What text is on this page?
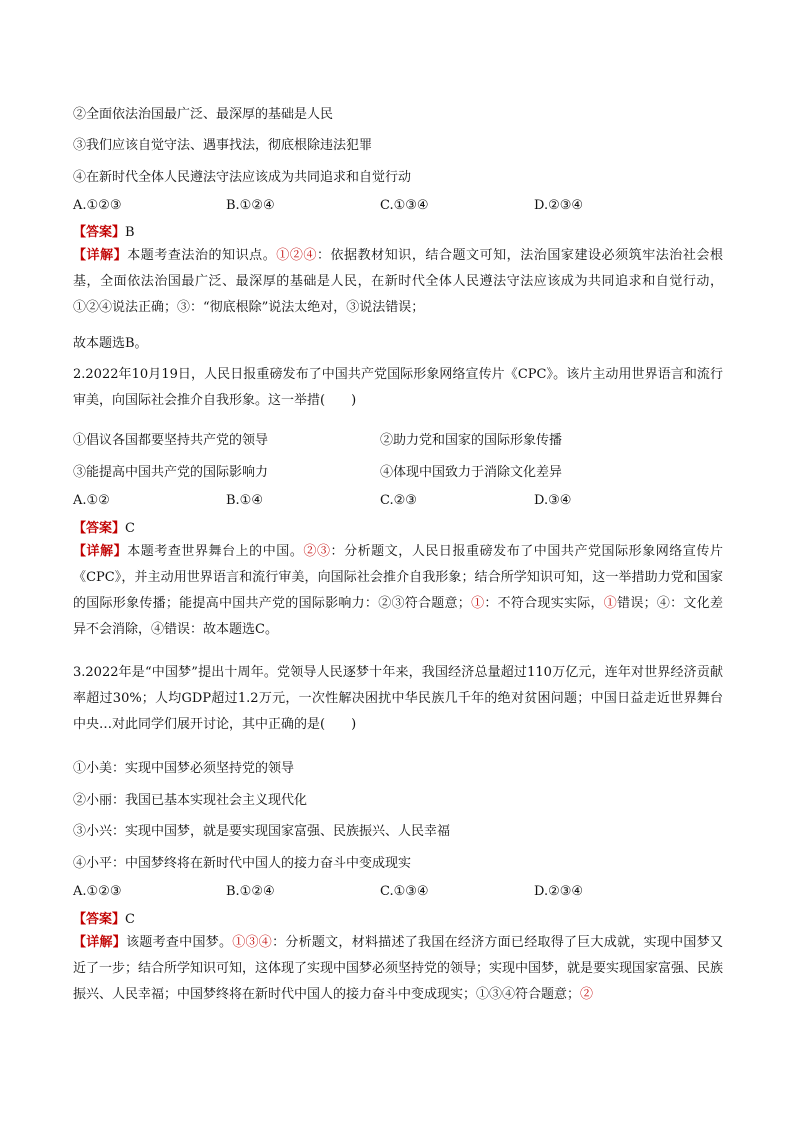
②全面依法治国最广泛、最深厚的基础是人民
③我们应该自觉守法、遇事找法，彻底根除违法犯罪
④在新时代全体人民遵法守法应该成为共同追求和自觉行动
A.①②③	B.①②④	C.①③④	D.②③④
【答案】B
【详解】本题考查法治的知识点。①②④：依据教材知识，结合题文可知，法治国家建设必须筑牢法治社会根基，全面依法治国最广泛、最深厚的基础是人民，在新时代全体人民遵法守法应该成为共同追求和自觉行动，①②④说法正确；③：“彻底根除”说法太绝对，③说法错误；
故本题选B。
2.2022年10月19日，人民日报重磅发布了中国共产党国际形象网络宣传片《CPC》。该片主动用世界语言和流行审美，向国际社会推介自我形象。这一举措(　　)
①倡议各国都要坚持共产党的领导	②助力党和国家的国际形象传播
③能提高中国共产党的国际影响力	④体现中国致力于消除文化差异
A.①②	B.①④	C.②③	D.③④
【答案】C
【详解】本题考查世界舞台上的中国。②③：分析题文，人民日报重磅发布了中国共产党国际形象网络宣传片《CPC》，并主动用世界语言和流行审美，向国际社会推介自我形象；结合所学知识可知，这一举措助力党和国家的国际形象传播；能提高中国共产党的国际影响力：②③符合题意；①：不符合现实实际，①错误；④：文化差异不会消除，④错误：故本题选C。
3.2022年是“中国梦”提出十周年。党领导人民逐梦十年来，我国经济总量超过110万亿元，连年对世界经济贡献率超过30%；人均GDP超过1.2万元，一次性解决困扰中华民族几千年的绝对贫困问题；中国日益走近世界舞台中央…对此同学们展开讨论，其中正确的是(　　)
①小美：实现中国梦必须坚持党的领导
②小丽：我国已基本实现社会主义现代化
③小兴：实现中国梦，就是要实现国家富强、民族振兴、人民幸福
④小平：中国梦终将在新时代中国人的接力奋斗中变成现实
A.①②③	B.①②④	C.①③④	D.②③④
【答案】C
【详解】该题考查中国梦。①③④：分析题文，材料描述了我国在经济方面已经取得了巨大成就，实现中国梦又近了一步；结合所学知识可知，这体现了实现中国梦必须坚持党的领导；实现中国梦，就是要实现国家富强、民族振兴、人民幸福；中国梦终将在新时代中国人的接力奋斗中变成现实；①③④符合题意；②
